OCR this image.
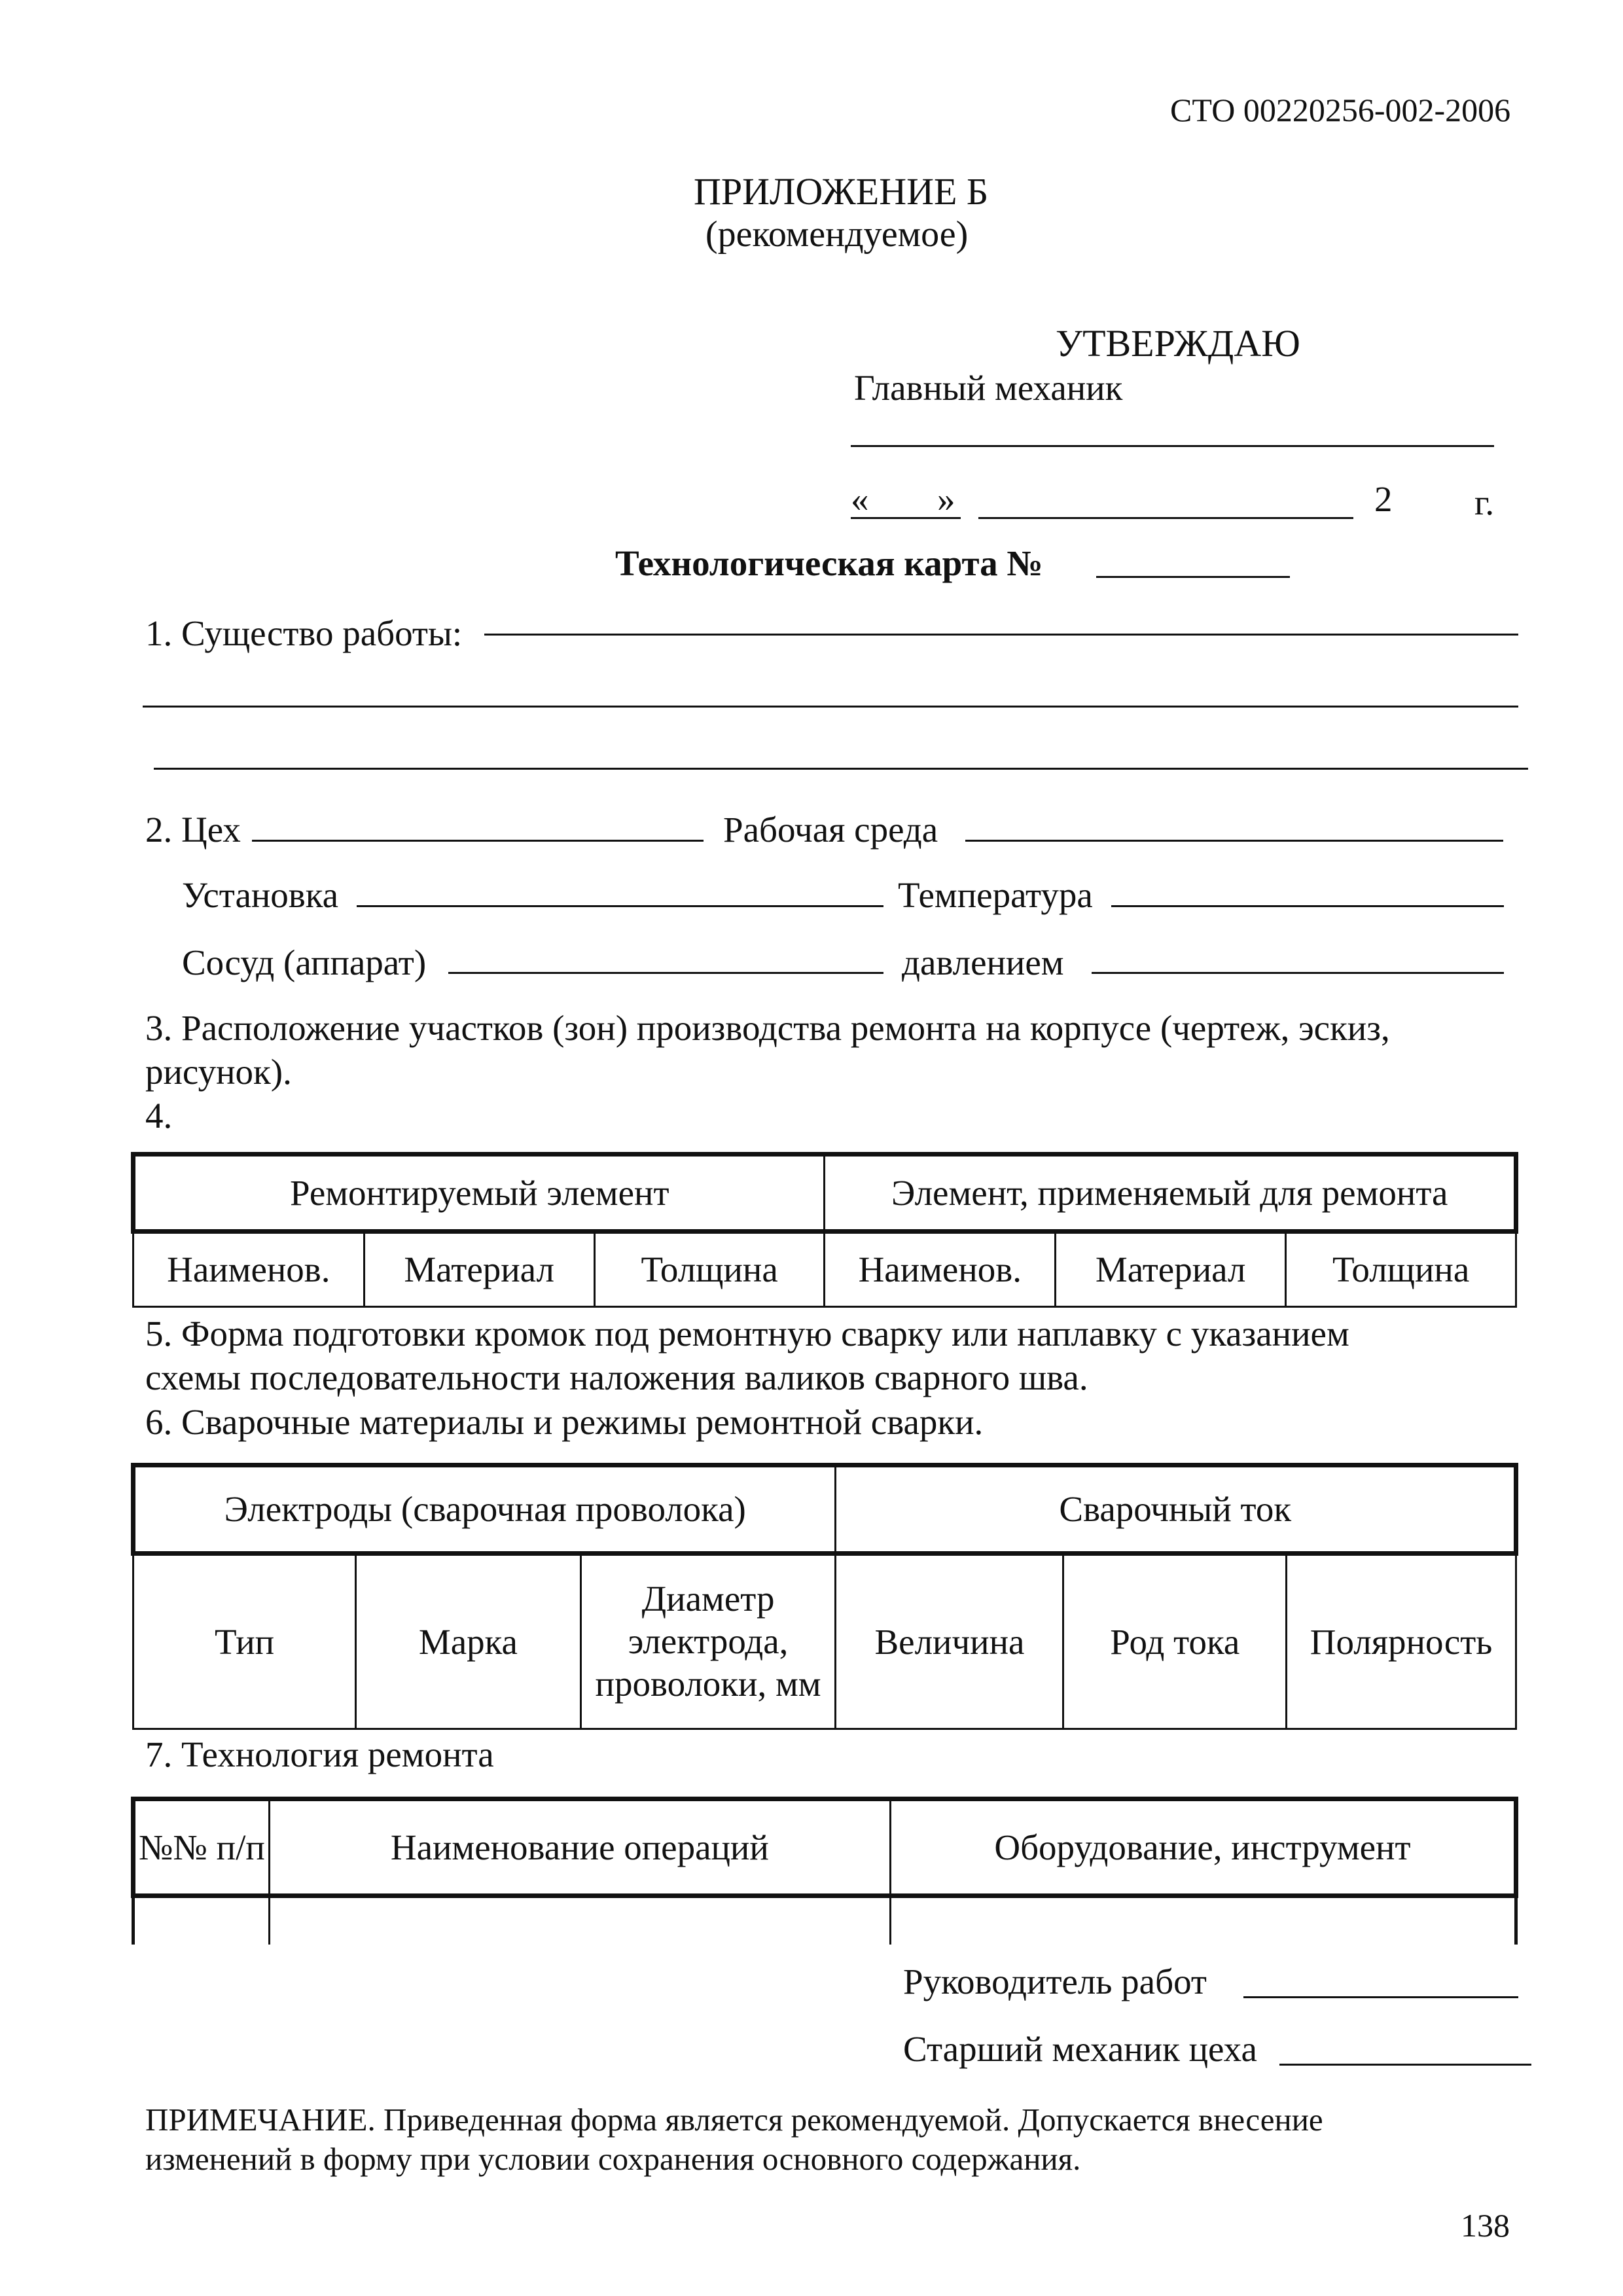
СТО 00220256-002-2006
ПРИЛОЖЕНИЕ Б
(рекомендуемое)
УТВЕРЖДАЮ
Главный механик
« »	2 г.
Технологическая карта №
1. Существо работы:
2. Цех	Рабочая среда
Установка	Температура
Сосуд (аппарат)	давлением
3. Расположение участков (зон) производства ремонта на корпусе (чертеж, эскиз,
рисунок).
4.
Ремонтируемый элемент			Элемент, применяемый для ремонта		
Наименов.	Материал	Толщина	Наименов.	Материал	Толщина
5. Форма подготовки кромок под ремонтную сварку или наплавку с указанием
схемы последовательности наложения валиков сварного шва.
6. Сварочные материалы и режимы ремонтной сварки.
Электроды (сварочная проволока)			Сварочный ток		
Тип	Марка	Диаметр электрода, проволоки, мм	Величина	Род тока	Полярность
7. Технология ремонта
№№ п/п	Наименование операций	Оборудование, инструмент

Руководитель работ
Старший механик цеха
ПРИМЕЧАНИЕ. Приведенная форма является рекомендуемой. Допускается внесение
изменений в форму при условии сохранения основного содержания.
138
